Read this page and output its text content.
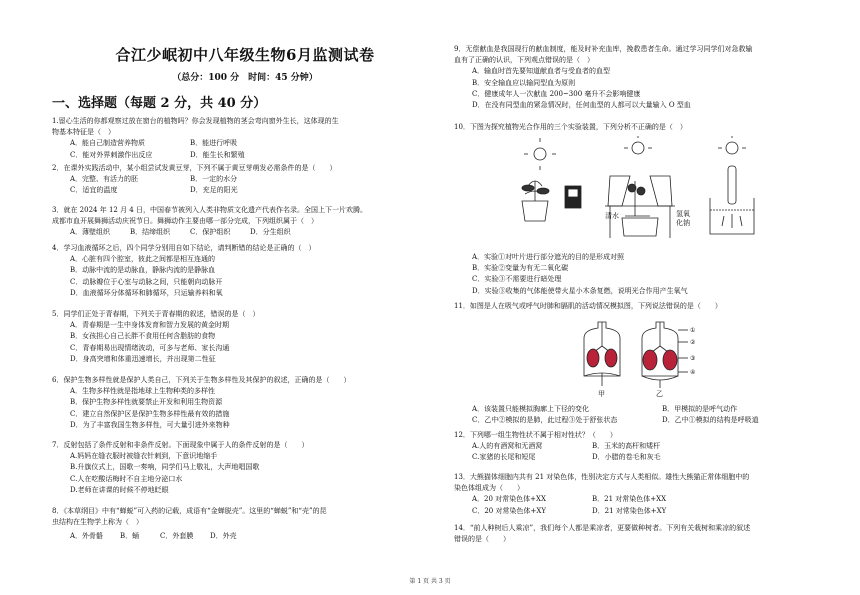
合江少岷初中八年级生物6月监测试卷
（总分：100 分　时间：45 分钟）
一、选择题（每题 2 分，共 40 分）
1.留心生活的你都观察过放在窗台的植物吗？你会发现植物的茎会弯向窗外生长，这体现的生
物基本特征是（　）
A．能自己制造营养物质	B．能进行呼吸
C．能对外界刺激作出反应	D．能生长和繁殖
2．在课外实践活动中，某小组尝试发黄豆芽，下列不属于黄豆芽萌发必需条件的是（　　）
A．完整、有活力的胚	B．一定的水分
C．适宜的温度	D．充足的阳光
3．就在 2024 年 12 月 4 日，中国春节被列入人类非物质文化遗产代表作名录。全国上下一片欢腾。
成都市血开展舞狮活动庆祝节日。舞狮动作主要由哪一部分完成，下列组织属于（　）
A．薄壁组织	B．结缔组织	C．保护组织	D．分生组织
4．学习血液循环之后，四个同学分别用自如下结论，请判断错的结论是正确的（　）
A．心脏有四个腔室，彼此之间都是相互连通的
B．动脉中流的是动脉血，静脉内流的是静脉血
C．动脉瓣位于心室与动脉之间，只能朝向动脉开
D．血液循环分体循环和肺循环，只运输养料和氧
5．同学们正处于青春期，下列关于青春期的叙述，错误的是（　）
A．青春期是一生中身体发育和智力发展的黄金时期
B．女孩担心自己长胖不食用任何含脂肪的食物
C．青春期易出现情绪波动，可多与老师、家长沟通
D．身高突增和体重迅速增长，并出现第二性征
6．保护生物多样性就是保护人类自己，下列关于生物多样性及其保护的叙述，正确的是（　　）
A．生物多样性就是指地球上生物种类的多样性
B．保护生物多样性就要禁止开发和利用生物资源
C．建立自然保护区是保护生物多样性最有效的措施
D．为了丰富我国生物多样性，可大量引进外来物种
7．反射包括了条件反射和非条件反射。下面现象中属于人的条件反射的是（　　）
A.妈妈在缝衣服时被缝衣针刺到，下意识地缩手
B.升旗仪式上，国歌一奏响，同学们马上敬礼，大声地唱国歌
C.人在吃酸话梅时不自主地分泌口水
D.老师在讲课的时候不停地眨眼
8．《本草纲目》中有“蝉蜕”可入药的记载，成语有“金蝉脱壳”。这里的“蝉蜕”和“壳”的昆
虫结构在生物学上称为（　）
A．外骨骼	B．蛹	C．外套膜	D．外壳
9．无偿献血是我国现行的献血制度，能及时补充血库，挽救患者生命。通过学习同学们对急救输
血有了正确的认识，下列观点错误的是（　）
A．输血时首先要知道献血者与受血者的血型
B．安全输血应以输同型血为原则
C．健康成年人一次献血 200~300 毫升不会影响健康
D．在没有同型血的紧急情况时，任何血型的人都可以大量输入 O 型血
10．下图为探究植物光合作用的三个实验装置，下列分析不正确的是（　）
清水	氢氧
化钠
A．实验①对叶片进行部分遮光的目的是形成对照
B．实验②变量为有无二氧化碳
C．实验③不需要进行暗处理
D．实验③收集的气体能使带火星小木条复燃，说明光合作用产生氧气
11．如图是人在吸气或呼气时肺和膈肌的活动情况模拟图，下列说法错误的是（　　）
①
②
③
④
甲	乙
A．该装置只能模拟胸廓上下径的变化	B．甲模拟的是呼气动作
C．乙中②模拟的是肺，此过程③处于舒张状态	D．乙中①模拟的结构是呼吸道
12．下列哪一组生物性状不属于相对性状？（　　）
A.人的有酒窝和无酒窝	B．玉米的高杆和矮杆
C.家猪的长尾和短尾	D．小腊的卷毛和灰毛
13．大熊猫体细胞内共有 21 对染色体，性别决定方式与人类相似。雄性大熊猫正常体细胞中的
染色体组成为（　　）
A．20 对常染色体+XX	B．21 对常染色体+XX
C．20 对常染色体+XY	D．21 对常染色体+XY
14．“前人种树后人乘凉”，我们每个人都是乘凉者，更要做种树者。下列有关栽树和乘凉的叙述
错误的是（　　）
第 1 页 共 3 页
